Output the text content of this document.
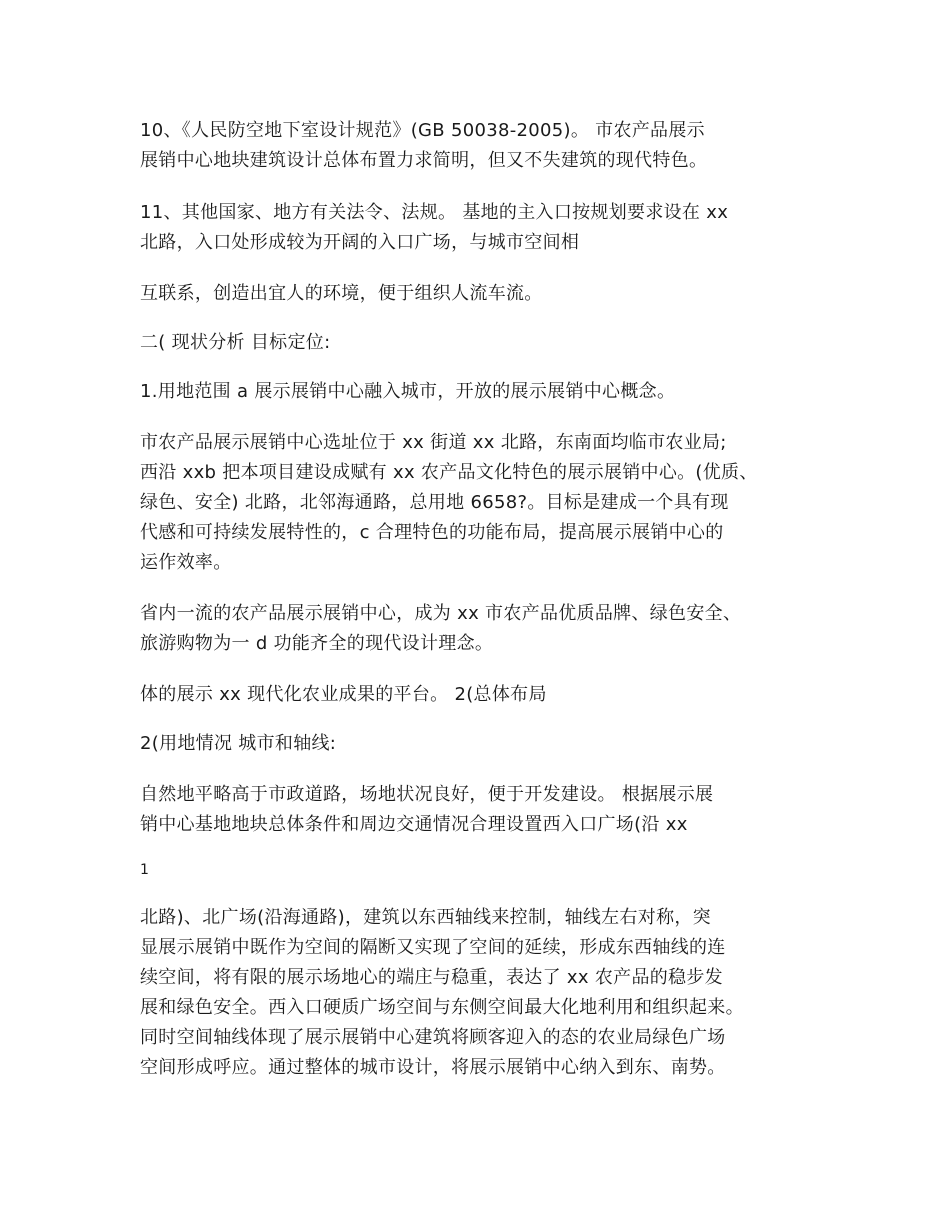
10、《人民防空地下室设计规范》(GB 50038-2005)。 市农产品展示
展销中心地块建筑设计总体布置力求简明，但又不失建筑的现代特色。
11、其他国家、地方有关法令、法规。 基地的主入口按规划要求设在 xx
北路，入口处形成较为开阔的入口广场，与城市空间相
互联系，创造出宜人的环境，便于组织人流车流。
二( 现状分析 目标定位:
1.用地范围 a 展示展销中心融入城市，开放的展示展销中心概念。
市农产品展示展销中心选址位于 xx 街道 xx 北路，东南面均临市农业局;
西沿 xxb 把本项目建设成赋有 xx 农产品文化特色的展示展销中心。(优质、
绿色、安全) 北路，北邻海通路，总用地 6658?。目标是建成一个具有现
代感和可持续发展特性的，c 合理特色的功能布局，提高展示展销中心的
运作效率。
省内一流的农产品展示展销中心，成为 xx 市农产品优质品牌、绿色安全、
旅游购物为一 d 功能齐全的现代设计理念。
体的展示 xx 现代化农业成果的平台。 2(总体布局
2(用地情况 城市和轴线:
自然地平略高于市政道路，场地状况良好，便于开发建设。 根据展示展
销中心基地地块总体条件和周边交通情况合理设置西入口广场(沿 xx
1
北路)、北广场(沿海通路)，建筑以东西轴线来控制，轴线左右对称，突
显展示展销中既作为空间的隔断又实现了空间的延续，形成东西轴线的连
续空间，将有限的展示场地心的端庄与稳重，表达了 xx 农产品的稳步发
展和绿色安全。西入口硬质广场空间与东侧空间最大化地利用和组织起来。
同时空间轴线体现了展示展销中心建筑将顾客迎入的态的农业局绿色广场
空间形成呼应。通过整体的城市设计，将展示展销中心纳入到东、南势。
